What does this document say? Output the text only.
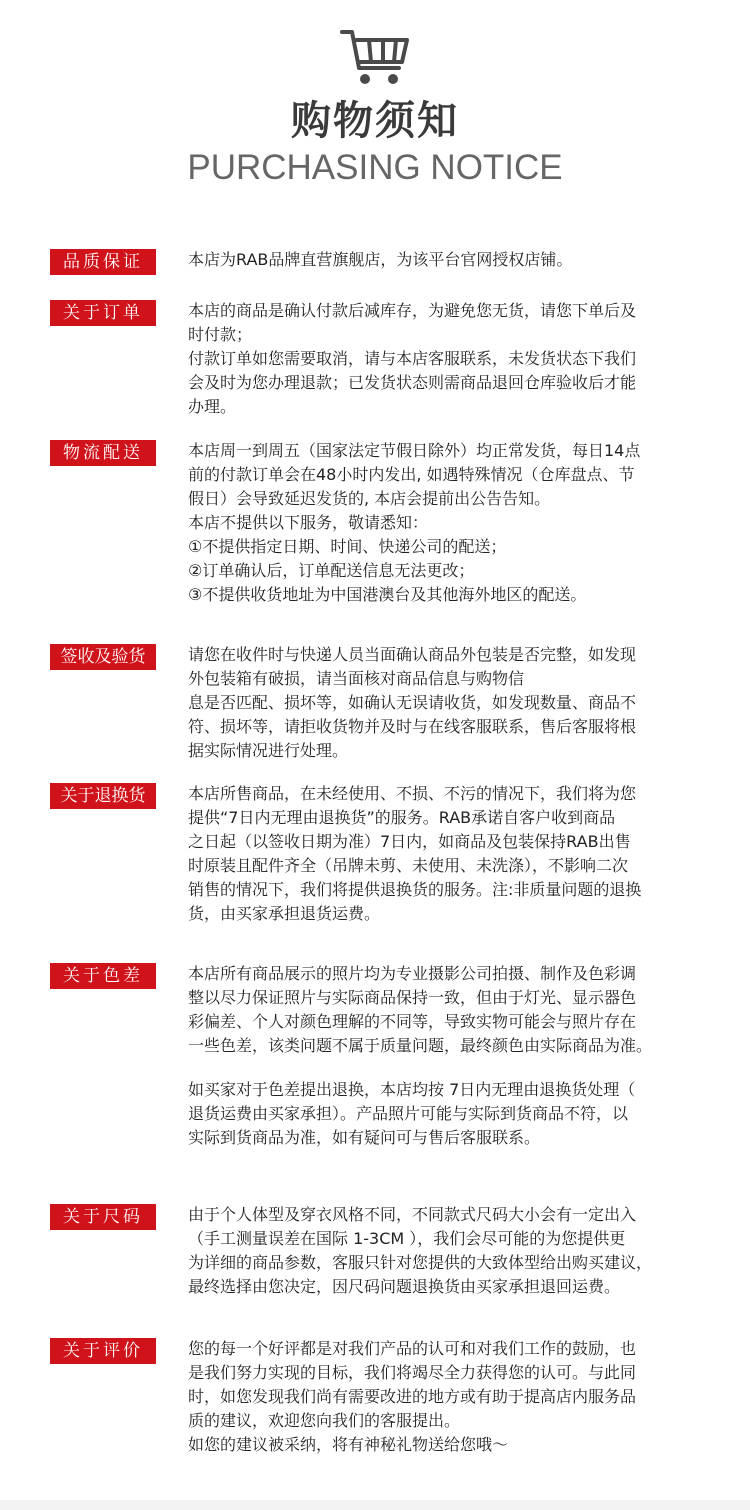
购物须知
PURCHASING NOTICE
品质保证	本店为RAB品牌直营旗舰店，为该平台官网授权店铺。

关于订单	本店的商品是确认付款后减库存，为避免您无货，请您下单后及
时付款；
付款订单如您需要取消，请与本店客服联系，未发货状态下我们
会及时为您办理退款；已发货状态则需商品退回仓库验收后才能
办理。

物流配送	本店周一到周五（国家法定节假日除外）均正常发货，每日14点
前的付款订单会在48小时内发出, 如遇特殊情况（仓库盘点、节
假日）会导致延迟发货的, 本店会提前出公告告知。
本店不提供以下服务，敬请悉知：
①不提供指定日期、时间、快递公司的配送；
②订单确认后，订单配送信息无法更改；
③不提供收货地址为中国港澳台及其他海外地区的配送。

签收及验货	请您在收件时与快递人员当面确认商品外包装是否完整，如发现
外包装箱有破损，请当面核对商品信息与购物信
息是否匹配、损坏等，如确认无误请收货，如发现数量、商品不
符、损坏等，请拒收货物并及时与在线客服联系，售后客服将根
据实际情况进行处理。

关于退换货	本店所售商品，在未经使用、不损、不污的情况下，我们将为您
提供“7日内无理由退换货”的服务。RAB承诺自客户收到商品
之日起（以签收日期为准）7日内，如商品及包装保持RAB出售
时原装且配件齐全（吊牌未剪、未使用、未洗涤），不影响二次
销售的情况下，我们将提供退换货的服务。注:非质量问题的退换
货，由买家承担退货运费。

关于色差	本店所有商品展示的照片均为专业摄影公司拍摄、制作及色彩调
整以尽力保证照片与实际商品保持一致，但由于灯光、显示器色
彩偏差、个人对颜色理解的不同等，导致实物可能会与照片存在
一些色差，该类问题不属于质量问题，最终颜色由实际商品为准。

如买家对于色差提出退换，本店均按 7日内无理由退换货处理（
退货运费由买家承担）。产品照片可能与实际到货商品不符，以
实际到货商品为准，如有疑问可与售后客服联系。

关于尺码	由于个人体型及穿衣风格不同，不同款式尺码大小会有一定出入
（手工测量误差在国际 1-3CM ），我们会尽可能的为您提供更
为详细的商品参数，客服只针对您提供的大致体型给出购买建议，
最终选择由您决定，因尺码问题退换货由买家承担退回运费。

关于评价	您的每一个好评都是对我们产品的认可和对我们工作的鼓励，也
是我们努力实现的目标，我们将竭尽全力获得您的认可。与此同
时，如您发现我们尚有需要改进的地方或有助于提高店内服务品
质的建议，欢迎您向我们的客服提出。
如您的建议被采纳，将有神秘礼物送给您哦～
